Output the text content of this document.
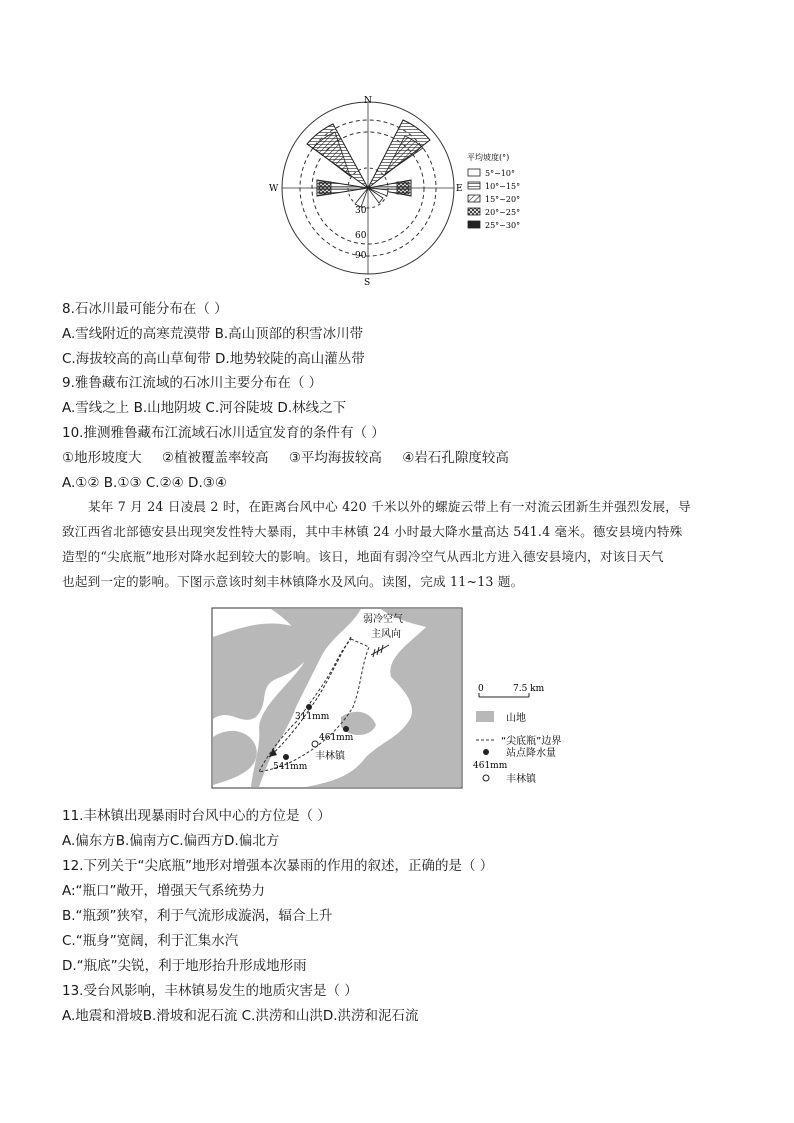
N
S
E
W
30
60
90
平均坡度(°)
5°~10°
10°~15°
15°~20°
20°~25°
25°~30°
8.石冰川最可能分布在（ ）
A.雪线附近的高寒荒漠带 B.高山顶部的积雪冰川带
C.海拔较高的高山草甸带 D.地势较陡的高山灌丛带
9.雅鲁藏布江流域的石冰川主要分布在（ ）
A.雪线之上 B.山地阴坡 C.河谷陡坡 D.林线之下
10.推测雅鲁藏布江流域石冰川适宜发育的条件有（ ）
①地形坡度大 ②植被覆盖率较高 ③平均海拔较高 ④岩石孔隙度较高
A.①② B.①③ C.②④ D.③④
某年 7 月 24 日凌晨 2 时，在距离台风中心 420 千米以外的螺旋云带上有一对流云团新生并强烈发展，导
致江西省北部德安县出现突发性特大暴雨，其中丰林镇 24 小时最大降水量高达 541.4 毫米。德安县境内特殊
造型的“尖底瓶”地形对降水起到较大的影响。该日，地面有弱冷空气从西北方进入德安县境内，对该日天气
也起到一定的影响。下图示意该时刻丰林镇降水及风向。读图，完成 11~13 题。
弱冷空气
主风向
311mm
461mm
丰林镇
541mm
0	7.5 km
山地
“尖底瓶”边界
站点降水量
461mm
丰林镇
11.丰林镇出现暴雨时台风中心的方位是（ ）
A.偏东方B.偏南方C.偏西方D.偏北方
12.下列关于“尖底瓶”地形对增强本次暴雨的作用的叙述，正确的是（ ）
A:“瓶口”敞开，增强天气系统势力
B.“瓶颈”狭窄，利于气流形成漩涡，辐合上升
C.“瓶身”宽阔，利于汇集水汽
D.“瓶底”尖锐，利于地形抬升形成地形雨
13.受台风影响，丰林镇易发生的地质灾害是（ ）
A.地震和滑坡B.滑坡和泥石流 C.洪涝和山洪D.洪涝和泥石流
